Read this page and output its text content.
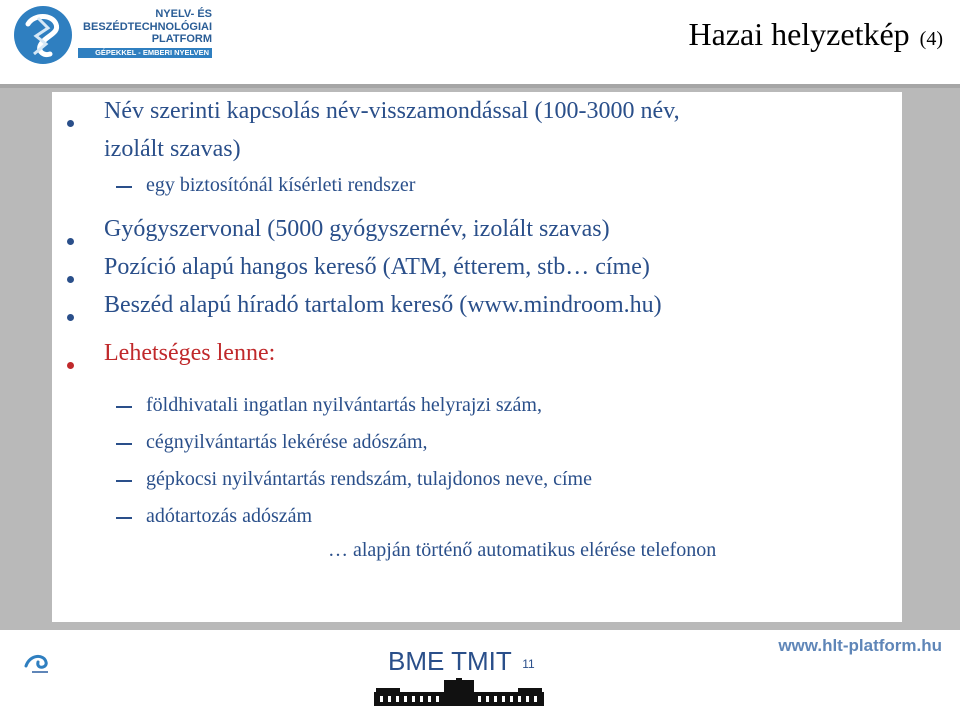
NYELV- ÉS
BESZÉDTECHNOLÓGIAI
PLATFORM
GÉPEKKEL - EMBERI NYELVEN	Hazai helyzetkép (4)
Név szerinti kapcsolás név-visszamondással (100-3000 név,
izolált szavas)
egy biztosítónál kísérleti rendszer
Gyógyszervonal (5000 gyógyszernév, izolált szavas)
Pozíció alapú hangos kereső (ATM, étterem, stb… címe)
Beszéd alapú híradó tartalom kereső (www.mindroom.hu)
Lehetséges lenne:
földhivatali ingatlan nyilvántartás helyrajzi szám,
cégnyilvántartás lekérése adószám,
gépkocsi nyilvántartás rendszám, tulajdonos neve, címe
adótartozás adószám
… alapján történő automatikus elérése telefonon
BME TMIT 11
www.hlt-platform.hu
